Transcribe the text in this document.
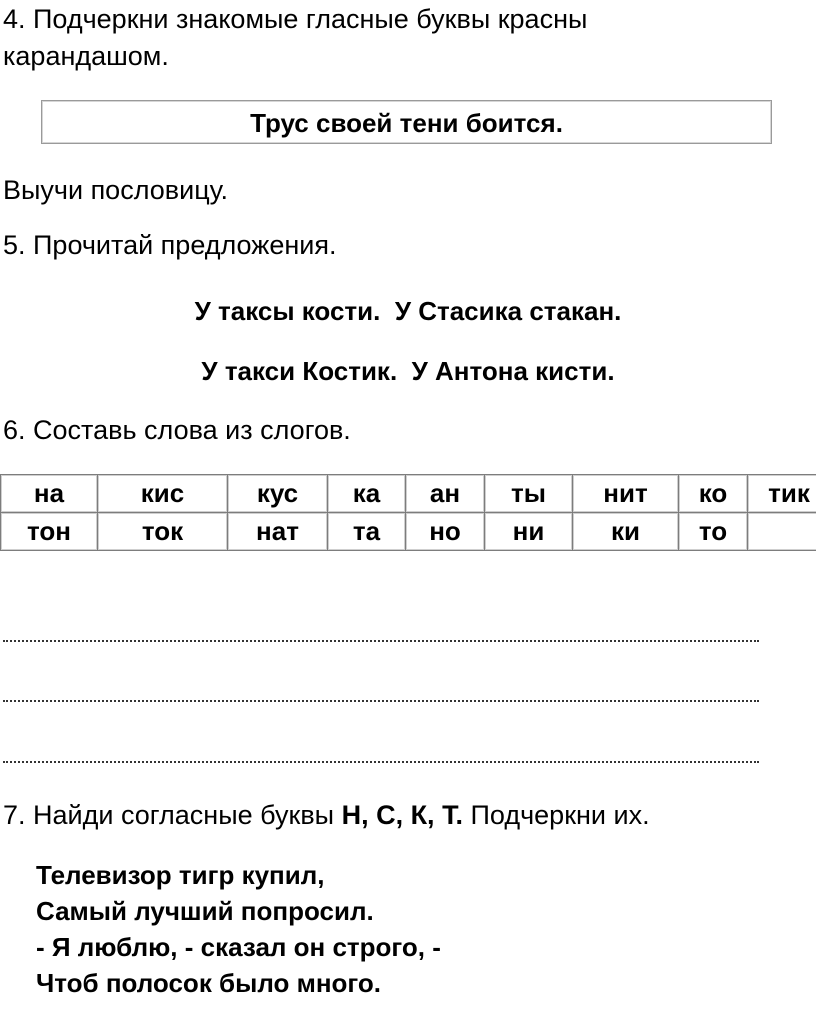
4. Подчеркни знакомые гласные буквы красны
карандашом.
Трус своей тени боится.
Выучи пословицу.
5. Прочитай предложения.
У таксы кости.  У Стасика стакан.
У такси Костик.  У Антона кисти.
6. Составь слова из слогов.
на	кис	кус	ка	ан	ты	нит	ко	тик
тон	ток	нат	та	но	ни	ки	то	
7. Найди согласные буквы Н, С, К, Т. Подчеркни их.
Телевизор тигр купил,
Самый лучший попросил.
- Я люблю, - сказал он строго, -
Чтоб полосок было много.
